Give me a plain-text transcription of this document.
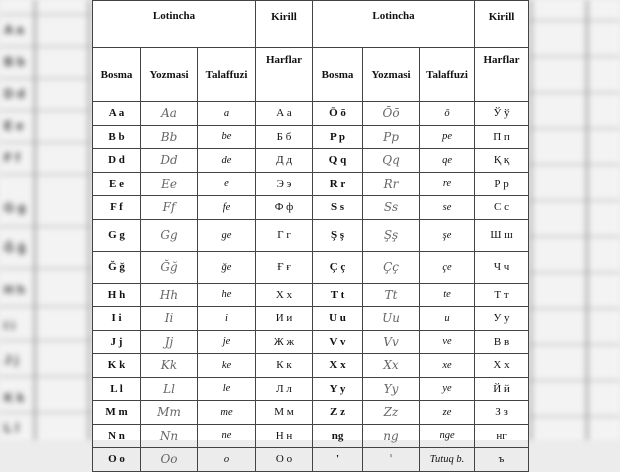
A a
B b
D d
E e
F f
G g
Ğ ğ
H h
I i
J j
K k
L l
Lotincha			Kirill	Lotincha			Kirill
Bosma	Yozmasi	Talaffuzi	Harflar	Bosma	Yozmasi	Talaffuzi	Harflar
A a	Aa	a	А а	Ō ō	Ōō	ō	Ў ў
B b	Bb	be	Б б	P p	Pp	pe	П п
D d	Dd	de	Д д	Q q	Qq	qe	Қ қ
E e	Ee	e	Э э	R r	Rr	re	Р р
F f	Ff	fe	Ф ф	S s	Ss	se	С с
G g	Gg	ge	Г г	Ş ş	Şş	şe	Ш ш
Ğ ğ	Ğğ	ğe	Ғ ғ	Ç ç	Çç	çe	Ч ч
H h	Hh	he	Х х	T t	Tt	te	Т т
I i	Ii	i	И и	U u	Uu	u	У у
J j	Jj	je	Ж ж	V v	Vv	ve	В в
K k	Kk	ke	К к	X x	Xx	xe	Х х
L l	Ll	le	Л л	Y y	Yy	ye	Й й
M m	Mm	me	М м	Z z	Zz	ze	З з
N n	Nn	ne	Н н	ng	ng	nge	нг
O o	Oo	o	О о	'	'	Tutuq b.	ъ
